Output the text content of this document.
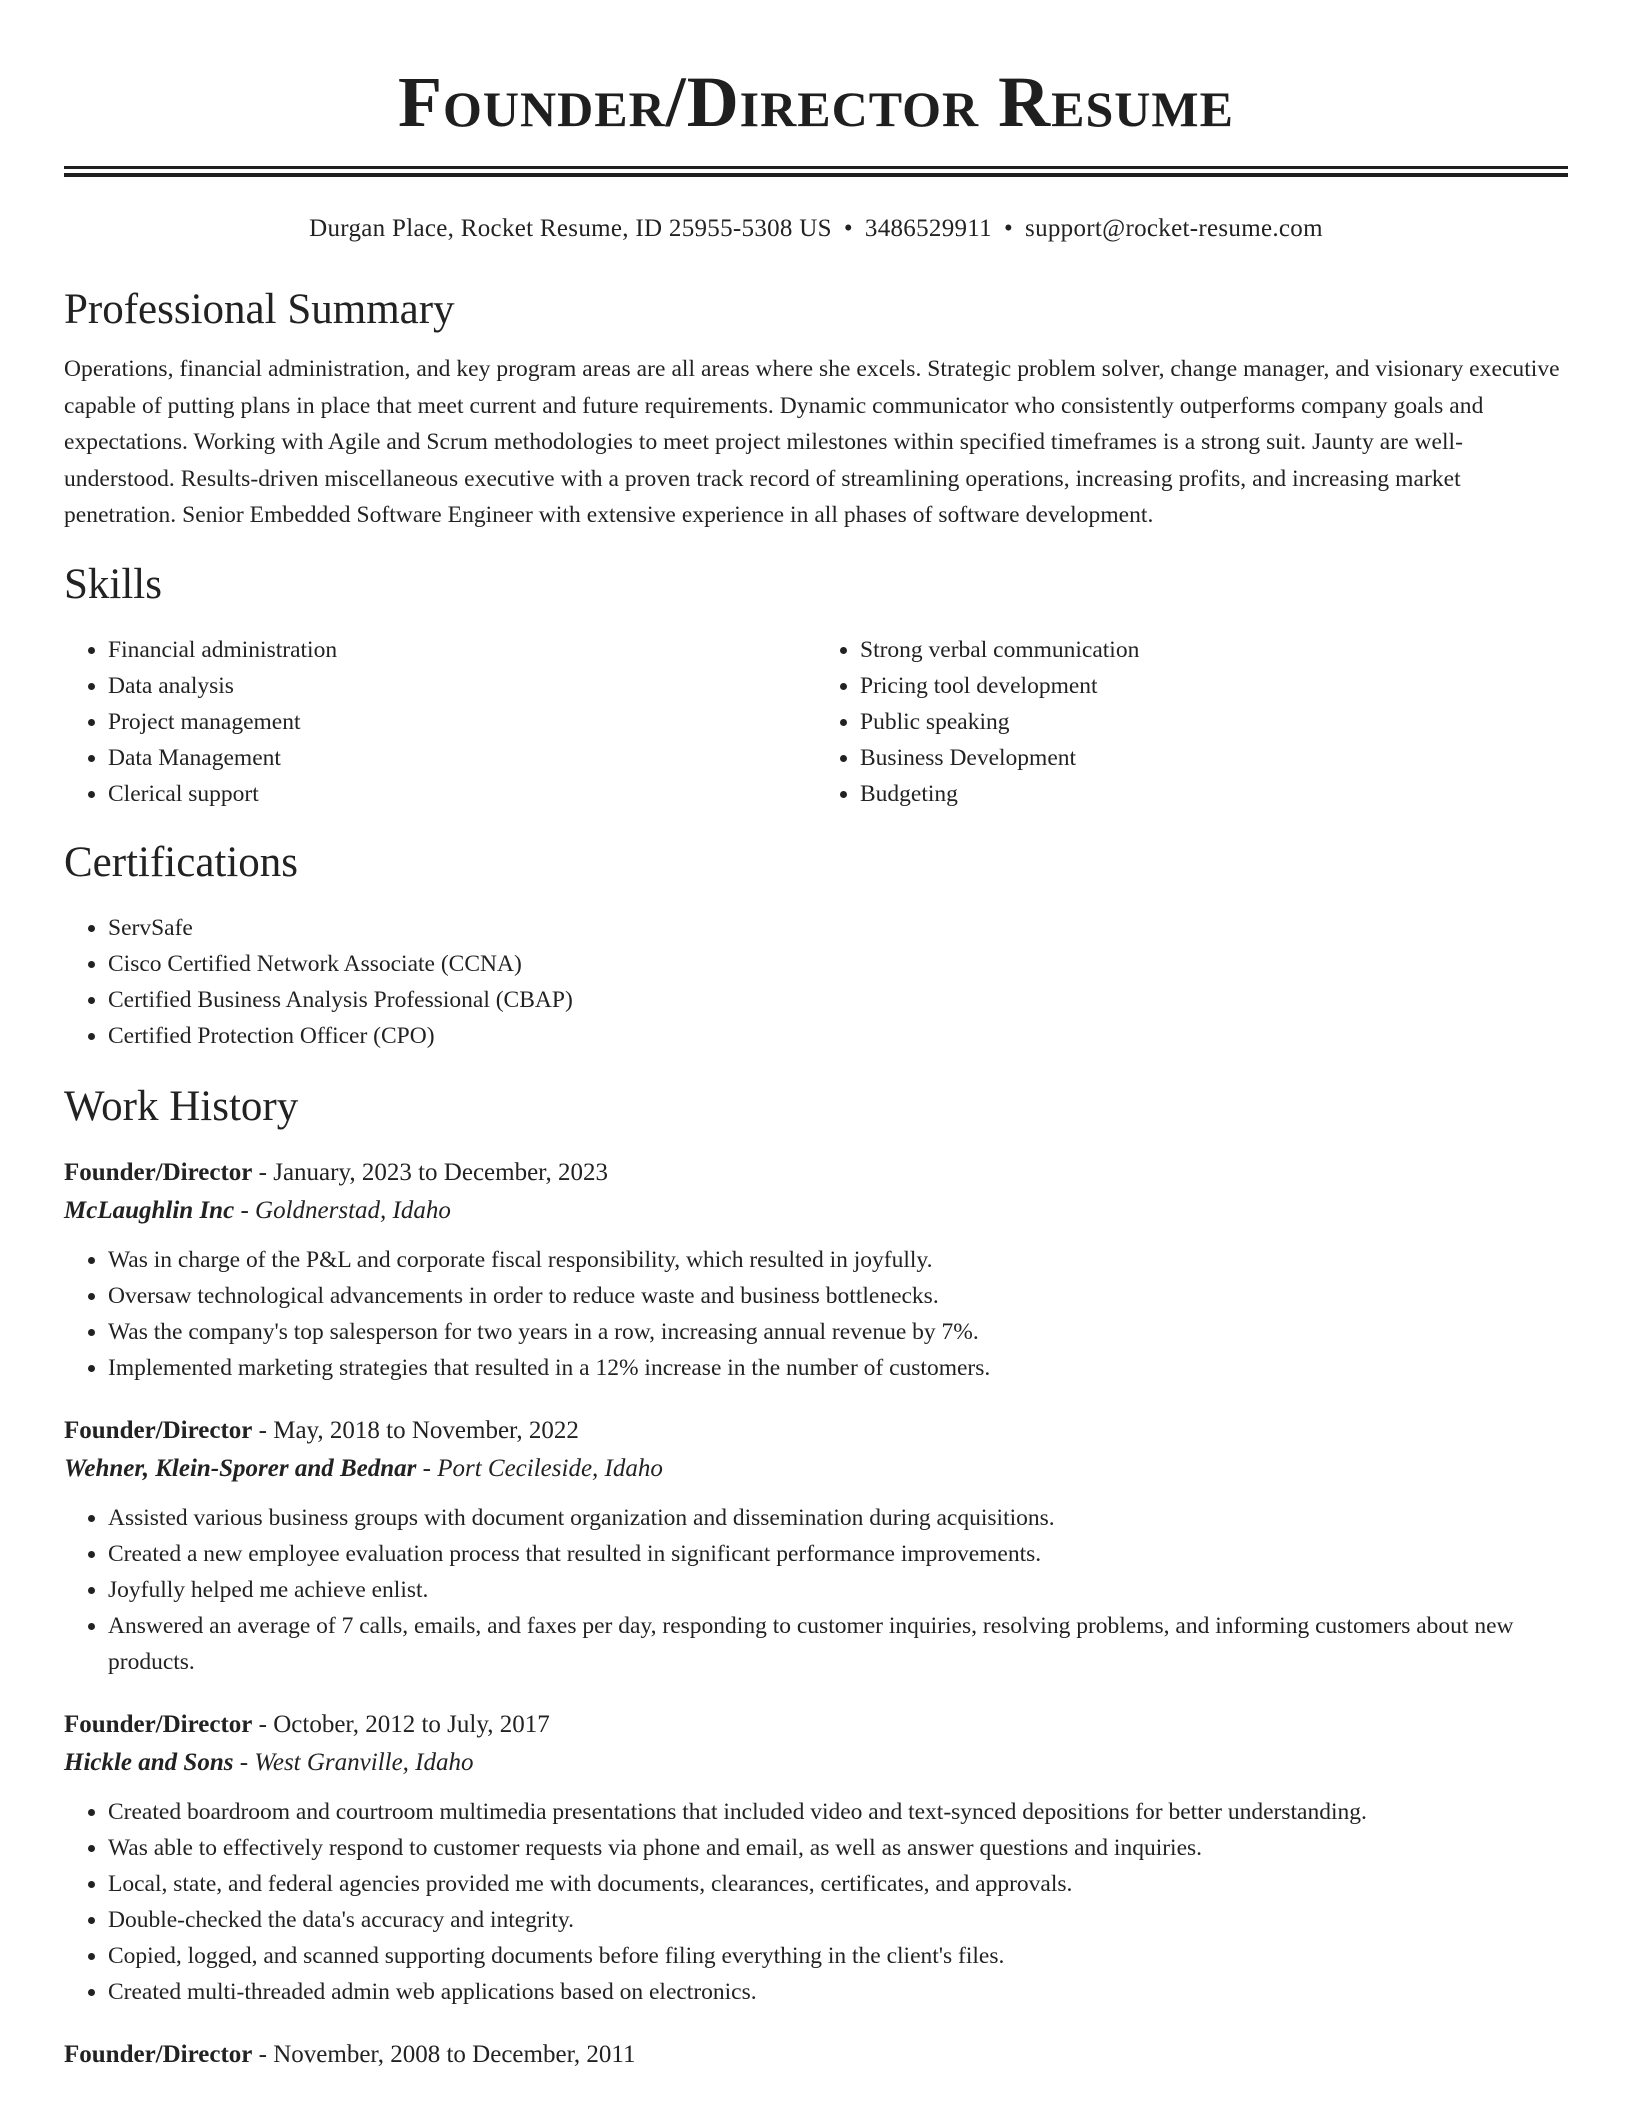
Founder/Director Resume
Durgan Place, Rocket Resume, ID 25955-5308 US • 3486529911 • support@rocket-resume.com
Professional Summary

Operations, financial administration, and key program areas are all areas where she excels. Strategic problem solver, change manager, and visionary executive capable of putting plans in place that meet current and future requirements. Dynamic communicator who consistently outperforms company goals and expectations. Working with Agile and Scrum methodologies to meet project milestones within specified timeframes is a strong suit. Jaunty are well-understood. Results-driven miscellaneous executive with a proven track record of streamlining operations, increasing profits, and increasing market penetration. Senior Embedded Software Engineer with extensive experience in all phases of software development.

Skills
• Financial administration
• Data analysis
• Project management
• Data Management
• Clerical support
• Strong verbal communication
• Pricing tool development
• Public speaking
• Business Development
• Budgeting
Certifications
• ServSafe
• Cisco Certified Network Associate (CCNA)
• Certified Business Analysis Professional (CBAP)
• Certified Protection Officer (CPO)
Work History
Founder/Director - January, 2023 to December, 2023
McLaughlin Inc - Goldnerstad, Idaho
• Was in charge of the P&L and corporate fiscal responsibility, which resulted in joyfully.
• Oversaw technological advancements in order to reduce waste and business bottlenecks.
• Was the company's top salesperson for two years in a row, increasing annual revenue by 7%.
• Implemented marketing strategies that resulted in a 12% increase in the number of customers.
Founder/Director - May, 2018 to November, 2022
Wehner, Klein-Sporer and Bednar - Port Cecileside, Idaho
• Assisted various business groups with document organization and dissemination during acquisitions.
• Created a new employee evaluation process that resulted in significant performance improvements.
• Joyfully helped me achieve enlist.
• Answered an average of 7 calls, emails, and faxes per day, responding to customer inquiries, resolving problems, and informing customers about new products.
Founder/Director - October, 2012 to July, 2017
Hickle and Sons - West Granville, Idaho
• Created boardroom and courtroom multimedia presentations that included video and text-synced depositions for better understanding.
• Was able to effectively respond to customer requests via phone and email, as well as answer questions and inquiries.
• Local, state, and federal agencies provided me with documents, clearances, certificates, and approvals.
• Double-checked the data's accuracy and integrity.
• Copied, logged, and scanned supporting documents before filing everything in the client's files.
• Created multi-threaded admin web applications based on electronics.
Founder/Director - November, 2008 to December, 2011
